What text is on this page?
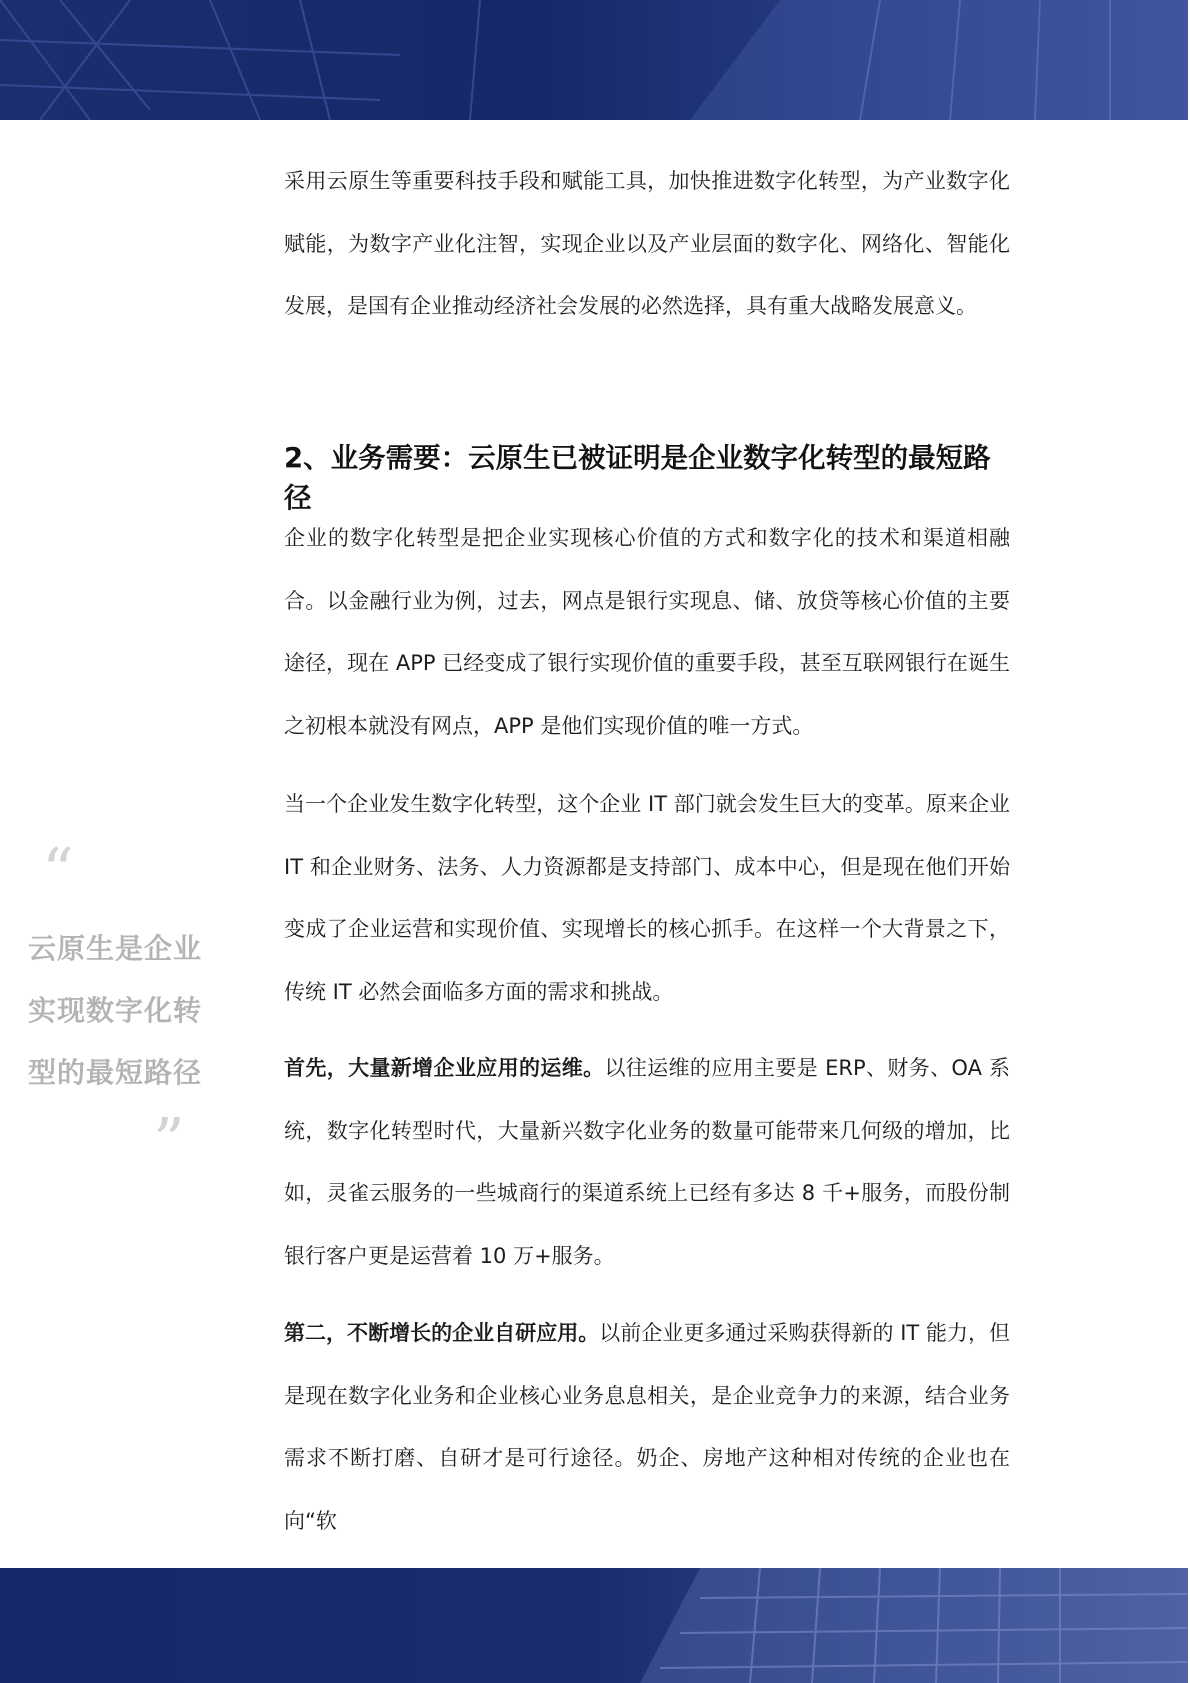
采用云原生等重要科技手段和赋能工具，加快推进数字化转型，为产业数字化赋能，为数字产业化注智，实现企业以及产业层面的数字化、网络化、智能化发展，是国有企业推动经济社会发展的必然选择，具有重大战略发展意义。

2、业务需要：云原生已被证明是企业数字化转型的最短路径

企业的数字化转型是把企业实现核心价值的方式和数字化的技术和渠道相融合。以金融行业为例，过去，网点是银行实现息、储、放贷等核心价值的主要途径，现在 APP 已经变成了银行实现价值的重要手段，甚至互联网银行在诞生之初根本就没有网点，APP 是他们实现价值的唯一方式。

当一个企业发生数字化转型，这个企业 IT 部门就会发生巨大的变革。原来企业 IT 和企业财务、法务、人力资源都是支持部门、成本中心，但是现在他们开始变成了企业运营和实现价值、实现增长的核心抓手。在这样一个大背景之下，传统 IT 必然会面临多方面的需求和挑战。

首先，大量新增企业应用的运维。以往运维的应用主要是 ERP、财务、OA 系统，数字化转型时代，大量新兴数字化业务的数量可能带来几何级的增加，比如，灵雀云服务的一些城商行的渠道系统上已经有多达 8 千+服务，而股份制银行客户更是运营着 10 万+服务。

第二，不断增长的企业自研应用。以前企业更多通过采购获得新的 IT 能力，但是现在数字化业务和企业核心业务息息相关，是企业竞争力的来源，结合业务需求不断打磨、自研才是可行途径。奶企、房地产这种相对传统的企业也在向“软

“
云原生是企业实现数字化转型的最短路径
”
